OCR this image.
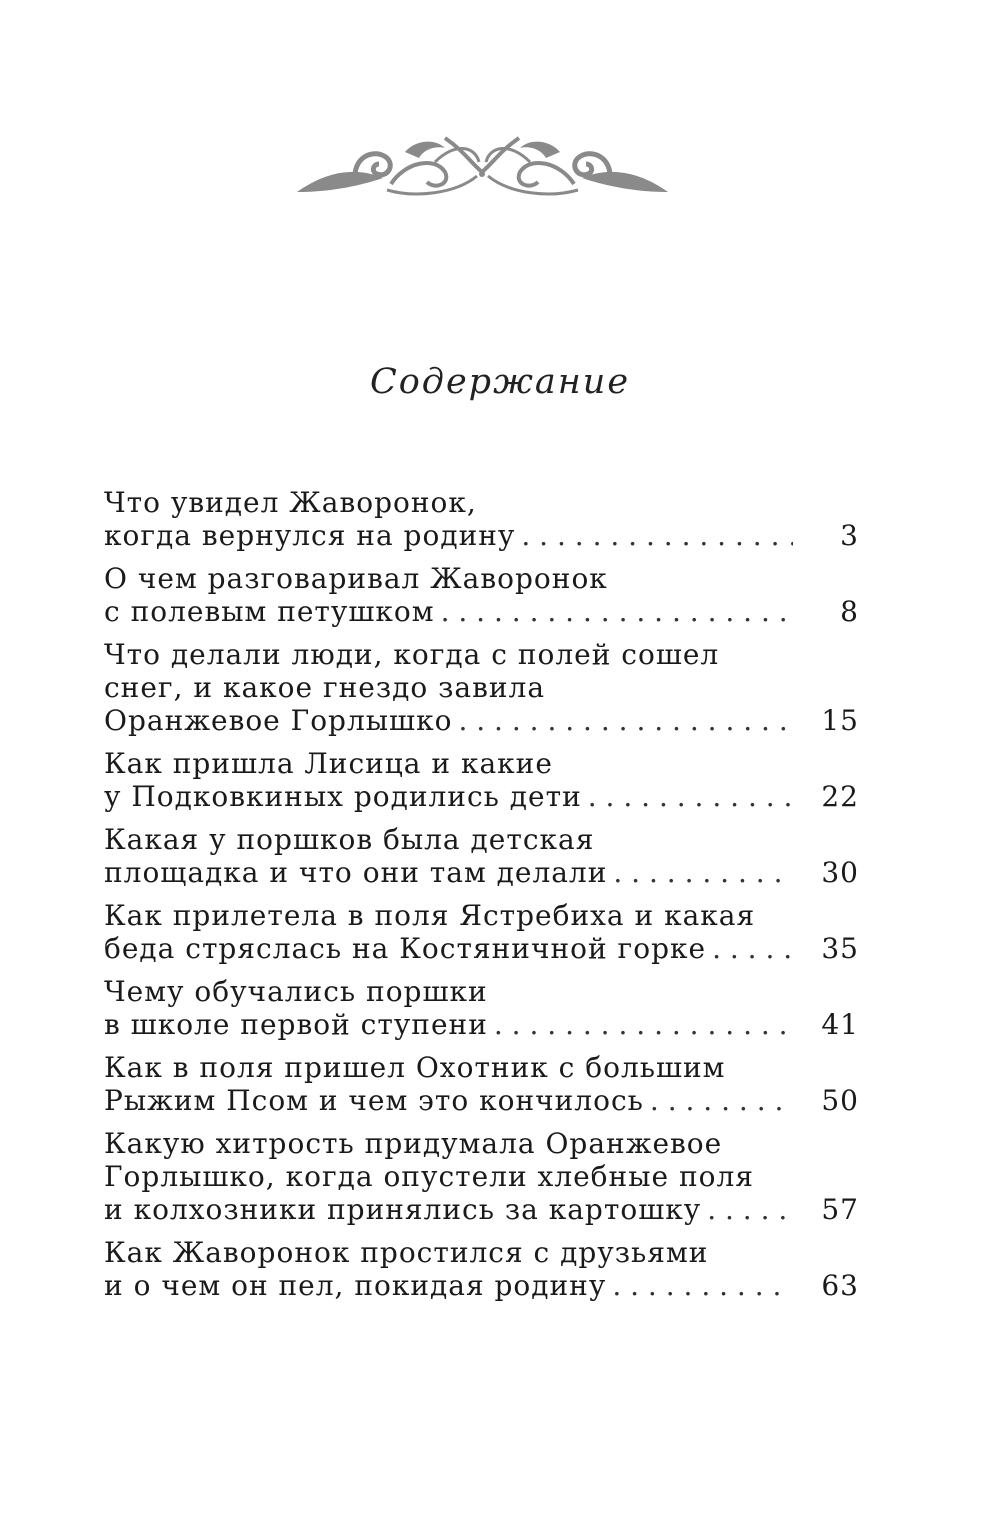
Содержание
Что увидел Жаворонок,
когда вернулся на родину . . .	3
О чем разговаривал Жаворонок
с полевым петушком . . .	8
Что делали люди, когда с полей сошел
снег, и какое гнездо завила
Оранжевое Горлышко . . .	15
Как пришла Лисица и какие
у Подковкиных родились дети . . .	22
Какая у поршков была детская
площадка и что они там делали . . .	30
Как прилетела в поля Ястребиха и какая
беда стряслась на Костяничной горке . . .	35
Чему обучались поршки
в школе первой ступени . . .	41
Как в поля пришел Охотник с большим
Рыжим Псом и чем это кончилось . . .	50
Какую хитрость придумала Оранжевое
Горлышко, когда опустели хлебные поля
и колхозники принялись за картошку . . .	57
Как Жаворонок простился с друзьями
и о чем он пел, покидая родину . . .	63
